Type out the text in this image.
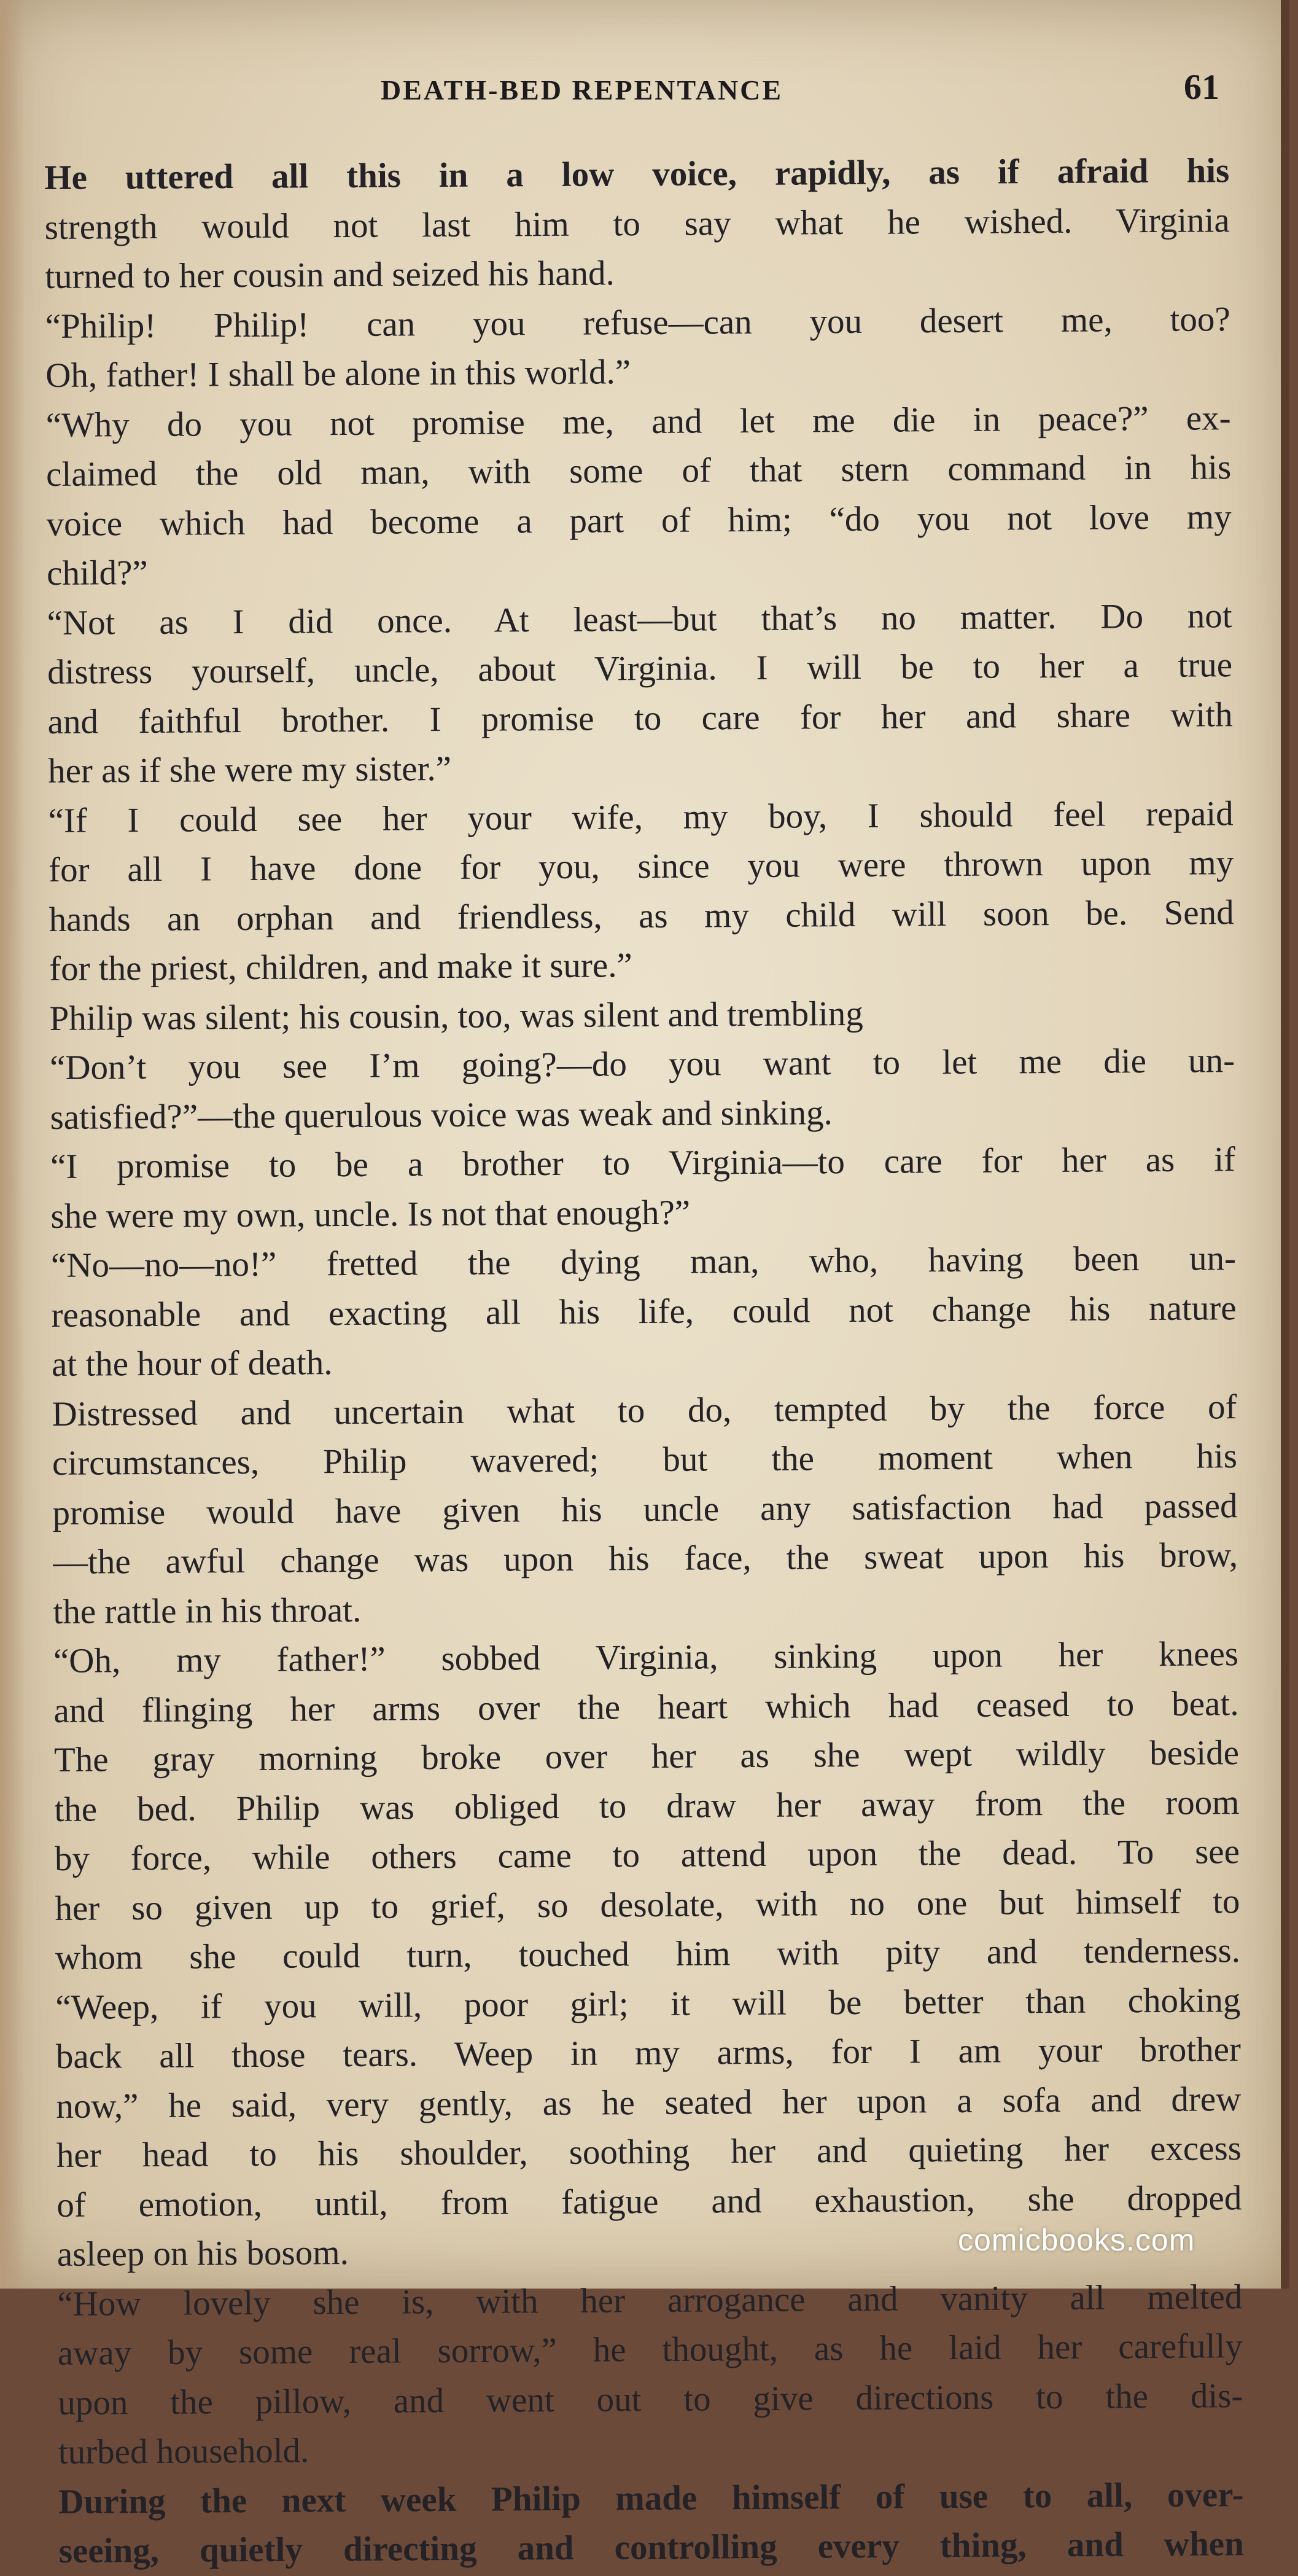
DEATH-BED REPENTANCE	61
He uttered all this in a low voice, rapidly, as if afraid his
strength would not last him to say what he wished. Virginia
turned to her cousin and seized his hand.
“Philip! Philip! can you refuse—can you desert me, too?
Oh, father! I shall be alone in this world.”
“Why do you not promise me, and let me die in peace?” ex-
claimed the old man, with some of that stern command in his
voice which had become a part of him; “do you not love my
child?”
“Not as I did once. At least—but that’s no matter. Do not
distress yourself, uncle, about Virginia. I will be to her a true
and faithful brother. I promise to care for her and share with
her as if she were my sister.”
“If I could see her your wife, my boy, I should feel repaid
for all I have done for you, since you were thrown upon my
hands an orphan and friendless, as my child will soon be. Send
for the priest, children, and make it sure.”
Philip was silent; his cousin, too, was silent and trembling
“Don’t you see I’m going?—do you want to let me die un-
satisfied?”—the querulous voice was weak and sinking.
“I promise to be a brother to Virginia—to care for her as if
she were my own, uncle. Is not that enough?”
“No—no—no!” fretted the dying man, who, having been un-
reasonable and exacting all his life, could not change his nature
at the hour of death.
Distressed and uncertain what to do, tempted by the force of
circumstances, Philip wavered; but the moment when his
promise would have given his uncle any satisfaction had passed
—the awful change was upon his face, the sweat upon his brow,
the rattle in his throat.
“Oh, my father!” sobbed Virginia, sinking upon her knees
and flinging her arms over the heart which had ceased to beat.
The gray morning broke over her as she wept wildly beside
the bed. Philip was obliged to draw her away from the room
by force, while others came to attend upon the dead. To see
her so given up to grief, so desolate, with no one but himself to
whom she could turn, touched him with pity and tenderness.
“Weep, if you will, poor girl; it will be better than choking
back all those tears. Weep in my arms, for I am your brother
now,” he said, very gently, as he seated her upon a sofa and drew
her head to his shoulder, soothing her and quieting her excess
of emotion, until, from fatigue and exhaustion, she dropped
asleep on his bosom.
“How lovely she is, with her arrogance and vanity all melted
away by some real sorrow,” he thought, as he laid her carefully
upon the pillow, and went out to give directions to the dis-
turbed household.
During the next week Philip made himself of use to all, over-
seeing, quietly directing and controlling every thing, and when
comicbooks.com
